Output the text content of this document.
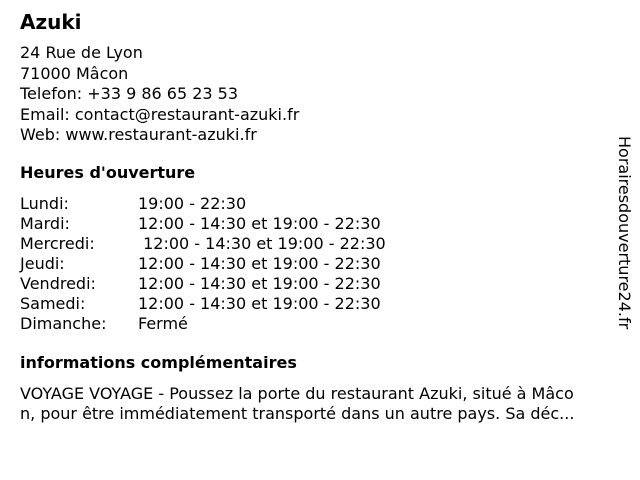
Azuki
24 Rue de Lyon
71000 Mâcon
Telefon: +33 9 86 65 23 53
Email: contact@restaurant-azuki.fr
Web: www.restaurant-azuki.fr
Heures d'ouverture
Lundi:	19:00 - 22:30
Mardi:	12:00 - 14:30 et 19:00 - 22:30
Mercredi:	12:00 - 14:30 et 19:00 - 22:30
Jeudi:	12:00 - 14:30 et 19:00 - 22:30
Vendredi:	12:00 - 14:30 et 19:00 - 22:30
Samedi:	12:00 - 14:30 et 19:00 - 22:30
Dimanche:	Fermé
informations complémentaires
VOYAGE VOYAGE - Poussez la porte du restaurant Azuki, situé à Mâco
n, pour être immédiatement transporté dans un autre pays. Sa déc...
Horairesdouverture24.fr
